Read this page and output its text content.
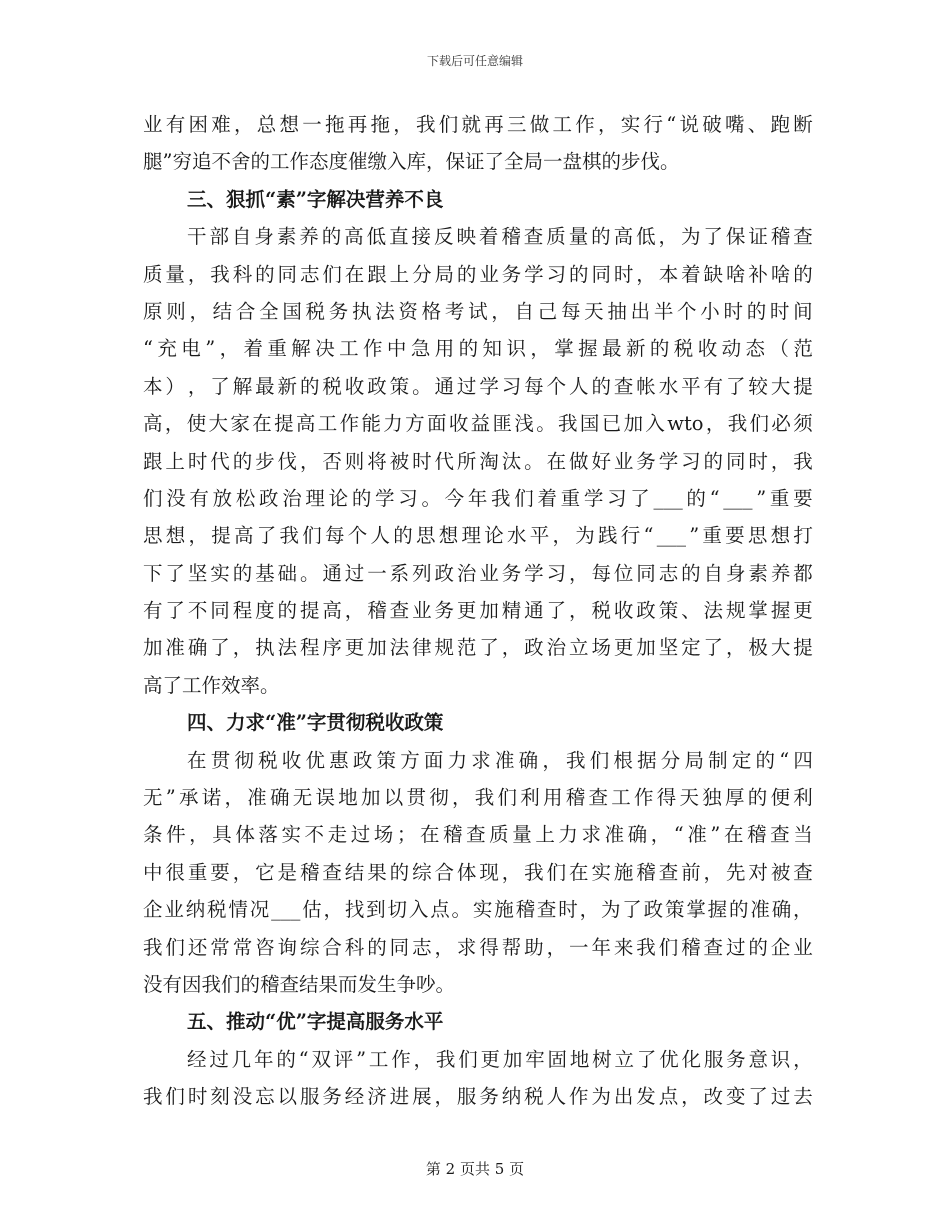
下载后可任意编辑
业 有 困 难 ， 总 想 一 拖 再 拖 ， 我 们 就 再 三 做 工 作 ， 实 行 “ 说 破 嘴 、 跑 断
腿”穷追不舍的工作态度催缴入库，保证了全局一盘棋的步伐。
三、狠抓“素”字解决营养不良
干 部 自 身 素 养 的 高 低 直 接 反 映 着 稽 查 质 量 的 高 低 ， 为 了 保 证 稽 查
质 量 ， 我 科 的 同 志 们 在 跟 上 分 局 的 业 务 学 习 的 同 时 ， 本 着 缺 啥 补 啥 的
原 则 ， 结 合 全 国 税 务 执 法 资 格 考 试 ， 自 己 每 天 抽 出 半 个 小 时 的 时 间
“ 充 电 ” ， 着 重 解 决 工 作 中 急 用 的 知 识 ， 掌 握 最 新 的 税 收 动 态 （ 范
本 ） ， 了 解 最 新 的 税 收 政 策 。 通 过 学 习 每 个 人 的 查 帐 水 平 有 了 较 大 提
高 ， 使 大 家 在 提 高 工 作 能 力 方 面 收 益 匪 浅 。 我 国 已 加 入 wto ， 我 们 必 须
跟 上 时 代 的 步 伐 ， 否 则 将 被 时 代 所 淘 汰 。 在 做 好 业 务 学 习 的 同 时 ， 我
们 没 有 放 松 政 治 理 论 的 学 习 。 今 年 我 们 着 重 学 习 了 ___ 的 “ ___ ” 重 要
思 想 ， 提 高 了 我 们 每 个 人 的 思 想 理 论 水 平 ， 为 践 行 “ ___ ” 重 要 思 想 打
下 了 坚 实 的 基 础 。 通 过 一 系 列 政 治 业 务 学 习 ， 每 位 同 志 的 自 身 素 养 都
有 了 不 同 程 度 的 提 高 ， 稽 查 业 务 更 加 精 通 了 ， 税 收 政 策 、 法 规 掌 握 更
加 准 确 了 ， 执 法 程 序 更 加 法 律 规 范 了 ， 政 治 立 场 更 加 坚 定 了 ， 极 大 提
高了工作效率。
四、力求“准”字贯彻税收政策
在 贯 彻 税 收 优 惠 政 策 方 面 力 求 准 确 ， 我 们 根 据 分 局 制 定 的 “ 四
无 ” 承 诺 ， 准 确 无 误 地 加 以 贯 彻 ， 我 们 利 用 稽 查 工 作 得 天 独 厚 的 便 利
条 件 ， 具 体 落 实 不 走 过 场 ； 在 稽 查 质 量 上 力 求 准 确 ， “ 准 ” 在 稽 查 当
中 很 重 要 ， 它 是 稽 查 结 果 的 综 合 体 现 ， 我 们 在 实 施 稽 查 前 ， 先 对 被 查
企 业 纳 税 情 况 ___ 估 ， 找 到 切 入 点 。 实 施 稽 查 时 ， 为 了 政 策 掌 握 的 准 确 ，
我 们 还 常 常 咨 询 综 合 科 的 同 志 ， 求 得 帮 助 ， 一 年 来 我 们 稽 查 过 的 企 业
没有因我们的稽查结果而发生争吵。
五、推动“优”字提高服务水平
经 过 几 年 的 “ 双 评 ” 工 作 ， 我 们 更 加 牢 固 地 树 立 了 优 化 服 务 意 识 ，
我 们 时 刻 没 忘 以 服 务 经 济 进 展 ， 服 务 纳 税 人 作 为 出 发 点 ， 改 变 了 过 去
第 2 页共 5 页
